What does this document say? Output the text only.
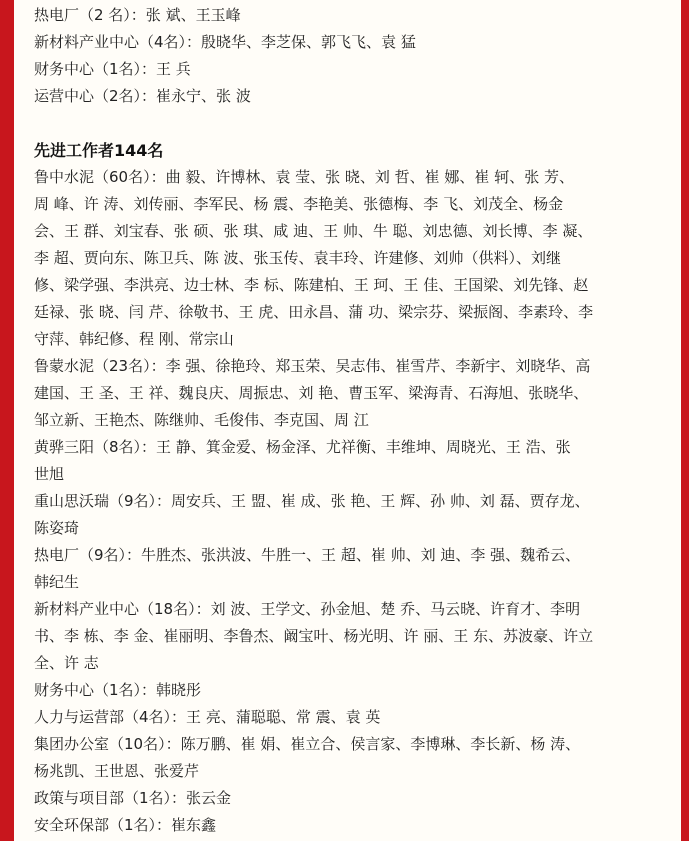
热电厂（2 名）：张 斌、王玉峰
新材料产业中心（4名）：殷晓华、李芝保、郭飞飞、袁 猛
财务中心（1名）：王 兵
运营中心（2名）：崔永宁、张 波
先进工作者144名
鲁中水泥（60名）：曲 毅、许博林、袁 莹、张 晓、刘 哲、崔 娜、崔 轲、张 芳、
周 峰、许 涛、刘传丽、李军民、杨 震、李艳美、张德梅、李 飞、刘茂全、杨金
会、王 群、刘宝春、张 硕、张 琪、咸 迪、王 帅、牛 聪、刘忠德、刘长博、李 凝、
李 超、贾向东、陈卫兵、陈 波、张玉传、袁丰玲、许建修、刘帅（供料）、刘继
修、梁学强、李洪亮、边士林、李 标、陈建柏、王 珂、王 佳、王国梁、刘先锋、赵
廷禄、张 晓、闫 芹、徐敬书、王 虎、田永昌、蒲 功、梁宗芬、梁振阁、李素玲、李
守萍、韩纪修、程 刚、常宗山
鲁蒙水泥（23名）：李 强、徐艳玲、郑玉荣、吴志伟、崔雪芹、李新宇、刘晓华、高
建国、王 圣、王 祥、魏良庆、周振忠、刘 艳、曹玉军、梁海青、石海旭、张晓华、
邹立新、王艳杰、陈继帅、毛俊伟、李克国、周 江
黄骅三阳（8名）：王 静、箕金爱、杨金泽、尤祥衡、丰维坤、周晓光、王 浩、张
世旭
重山思沃瑞（9名）：周安兵、王 盟、崔 成、张 艳、王 辉、孙 帅、刘 磊、贾存龙、
陈姿琦
热电厂（9名）：牛胜杰、张洪波、牛胜一、王 超、崔 帅、刘 迪、李 强、魏希云、
韩纪生
新材料产业中心（18名）：刘 波、王学文、孙金旭、楚 乔、马云晓、许育才、李明
书、李 栋、李 金、崔丽明、李鲁杰、阚宝叶、杨光明、许 丽、王 东、苏波豪、许立
全、许 志
财务中心（1名）：韩晓彤
人力与运营部（4名）：王 亮、蒲聪聪、常 震、袁 英
集团办公室（10名）：陈万鹏、崔 娟、崔立合、侯言家、李博琳、李长新、杨 涛、
杨兆凯、王世恩、张爱芹
政策与项目部（1名）：张云金
安全环保部（1名）：崔东鑫
